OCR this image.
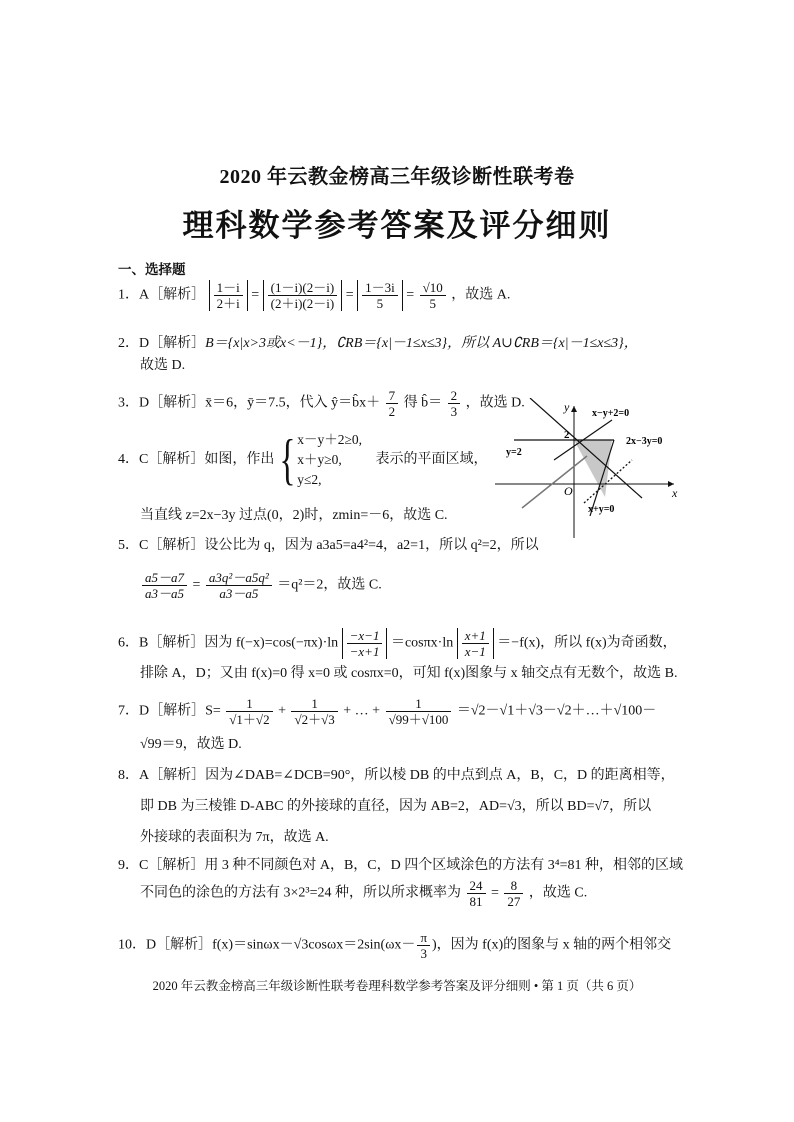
2020 年云教金榜高三年级诊断性联考卷
理科数学参考答案及评分细则
一、选择题
1．A［解析］ $\frac{1-i}{2+i} = \frac{(1-i)(2-i)}{(2+i)(2-i)} = \frac{1-3i}{5} = \frac{√10}{5}$ ，故选 A.
2．D［解析］B＝{x|x>3或x<－1}，∁RB＝{x|－1≤x≤3}，所以 A∪∁RB＝{x|－1≤x≤3}，
故选 D.
3．D［解析］x̄＝6，ȳ＝7.5，代入 ŷ＝b̂x＋ $\frac{7}{2}$ 得 b̂＝ $\frac{2}{3}$ ，故选 D.
4．C［解析］如图，作出{ x－y＋2≥0,
x＋y≥0,
y≤2,
表示的平面区域，
当直线 z=2x−3y 过点(0，2)时，zmin=－6，故选 C.
y
x
O
2
x−y+2=0
2x−3y=0
y=2
x+y=0
5．C［解析］设公比为 q，因为 a3a5=a4²=4，a2=1，所以 q²=2，所以
$\frac{a5-a7}{a3-a5} = \frac{\text{a3q²－a5q²}}{a3-a5} =q^2=2$，故选 C.
6．B［解析］因为 $f(-x)=\cos(-\pi x)\cdot\ln \frac{-x-1}{-x+1} =\cos\pi x\cdot\ln \frac{x+1}{x-1} =-f(x)$，所以 f(x)为奇函数，
排除 A，D；又由 f(x)=0 得 x=0 或 cosπx=0，可知 f(x)图象与 x 轴交点有无数个，故选 B.
7．D［解析］S= $\frac{1}{√1+√2} + \frac{1}{√2+√3}$ + … + $\frac{1}{√99+√100}$ ＝√2－√1＋√3－√2＋…＋√100－
√99＝9，故选 D.
8．A［解析］因为∠DAB=∠DCB=90°，所以棱 DB 的中点到点 A，B，C，D 的距离相等，
即 DB 为三棱锥 D-ABC 的外接球的直径，因为 AB=2，AD=√3，所以 BD=√7，所以
外接球的表面积为 7π，故选 A.
9．C［解析］用 3 种不同颜色对 A，B，C，D 四个区域涂色的方法有 3⁴=81 种，相邻的区域
不同色的涂色的方法有 3×2³=24 种，所以所求概率为 $\frac{24}{81} = \frac{8}{27}$ ，故选 C.
10．D［解析］f(x)＝sinωx－√3cosωx＝2sin(ωx－ $\frac{\pi}{3}$ )，因为 f(x)的图象与 x 轴的两个相邻交
2020 年云教金榜高三年级诊断性联考卷理科数学参考答案及评分细则 • 第 1 页（共 6 页）
